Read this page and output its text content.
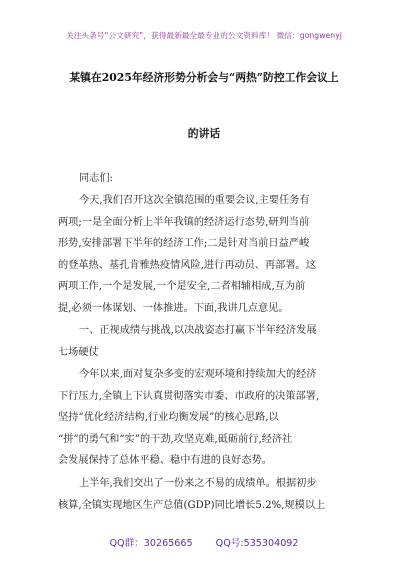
关注头条号“公文研究”，获得最新最全最专业的公文资料库！ 微信：gongwenyj
某镇在2025年经济形势分析会与“两热”防控工作会议上
的讲话
同志们:
今天,我们召开这次全镇范围的重要会议,主要任务有
两项;一是全面分析上半年我镇的经济运行态势,研判当前
形势,安排部署下半年的经济工作;二是针对当前日益严峻
的登革热、基孔肯雅热疫情风险,进行再动员、再部署。这
两项工作,一个是发展,一个是安全,二者相辅相成,互为前
提,必须一体谋划、一体推进。下面,我讲几点意见。
一、正视成绩与挑战,以决战姿态打赢下半年经济发展
七场硬仗
今年以来,面对复杂多变的宏观环境和持续加大的经济
下行压力,全镇上下认真贯彻落实市委、市政府的决策部署,
坚持“优化经济结构,行业均衡发展”的核心思路,以
“拼”的勇气和“实”的干劲,攻坚克难,砥砺前行,经济社
会发展保持了总体平稳、稳中有进的良好态势。
上半年,我们交出了一份来之不易的成绩单。根据初步
核算,全镇实现地区生产总值(GDP)同比增长5.2%,规模以上
QQ群：30265665 QQ号:535304092
